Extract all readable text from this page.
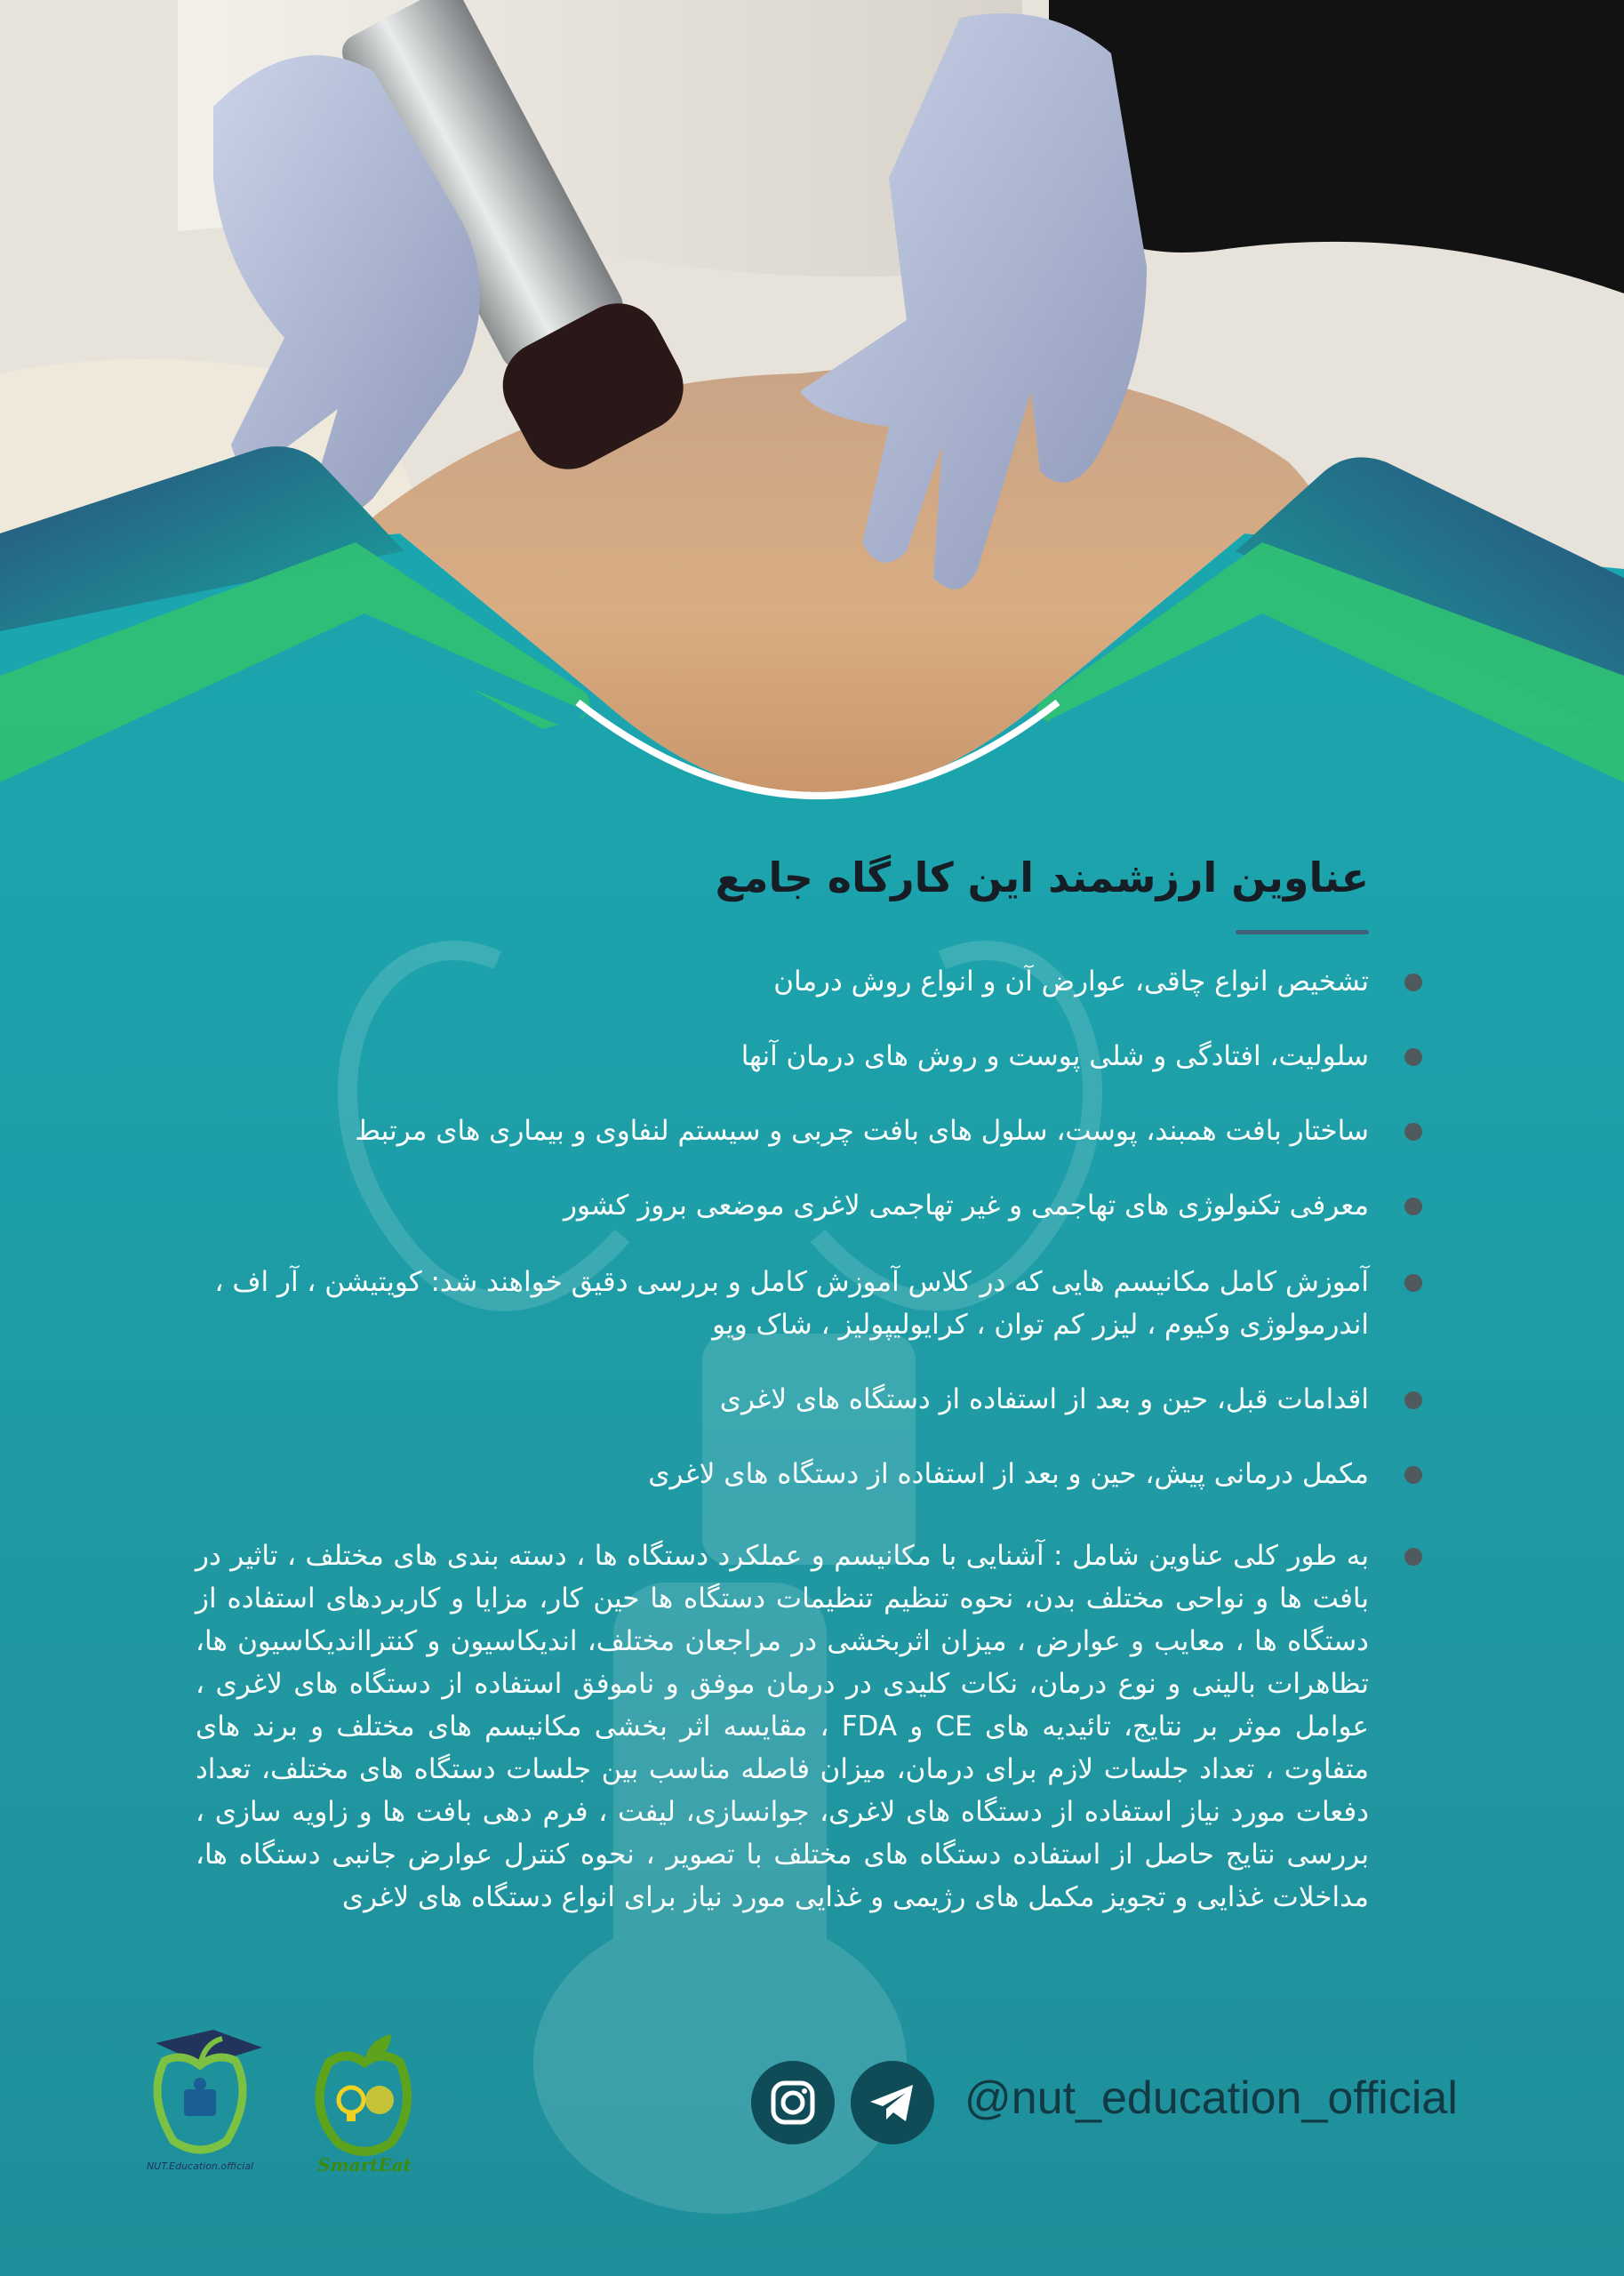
عناوین ارزشمند این کارگاه جامع
تشخیص انواع چاقی، عوارض آن و انواع روش درمان
سلولیت، افتادگی و شلی پوست و روش های درمان آنها
ساختار بافت همبند، پوست، سلول های بافت چربی و سیستم لنفاوی و بیماری های مرتبط
معرفی تکنولوژی های تهاجمی و غیر تهاجمی لاغری موضعی بروز کشور
آموزش کامل مکانیسم هایی که در کلاس آموزش کامل و بررسی دقیق خواهند شد: کویتیشن ، آر اف ، اندرمولوژی وکیوم ، لیزر کم توان ، کرایولیپولیز ، شاک ویو
اقدامات قبل، حین و بعد از استفاده از دستگاه های لاغری
مکمل درمانی پیش، حین و بعد از استفاده از دستگاه های لاغری
به طور کلی عناوین شامل : آشنایی با مکانیسم و عملکرد دستگاه ها ، دسته بندی های مختلف ، تاثیر در بافت ها و نواحی مختلف بدن، نحوه تنظیم تنظیمات دستگاه ها حین کار، مزایا و کاربردهای استفاده از دستگاه ها ، معایب و عوارض ، میزان اثربخشی در مراجعان مختلف، اندیکاسیون و کنترااندیکاسیون ها، تظاهرات بالینی و نوع درمان، نکات کلیدی در درمان موفق و ناموفق استفاده از دستگاه های لاغری ، عوامل موثر بر نتایج، تائیدیه های CE و FDA ، مقایسه اثر بخشی مکانیسم های مختلف و برند های متفاوت ، تعداد جلسات لازم برای درمان، میزان فاصله مناسب بین جلسات دستگاه های مختلف، تعداد دفعات مورد نیاز استفاده از دستگاه های لاغری، جوانسازی، لیفت ، فرم دهی بافت ها و زاویه سازی ، بررسی نتایج حاصل از استفاده دستگاه های مختلف با تصویر ، نحوه کنترل عوارض جانبی دستگاه ها، مداخلات غذایی و تجویز مکمل های رژیمی و غذایی مورد نیاز برای انواع دستگاه های لاغری
NUT.Education.official	SmartEat
@nut_education_official
